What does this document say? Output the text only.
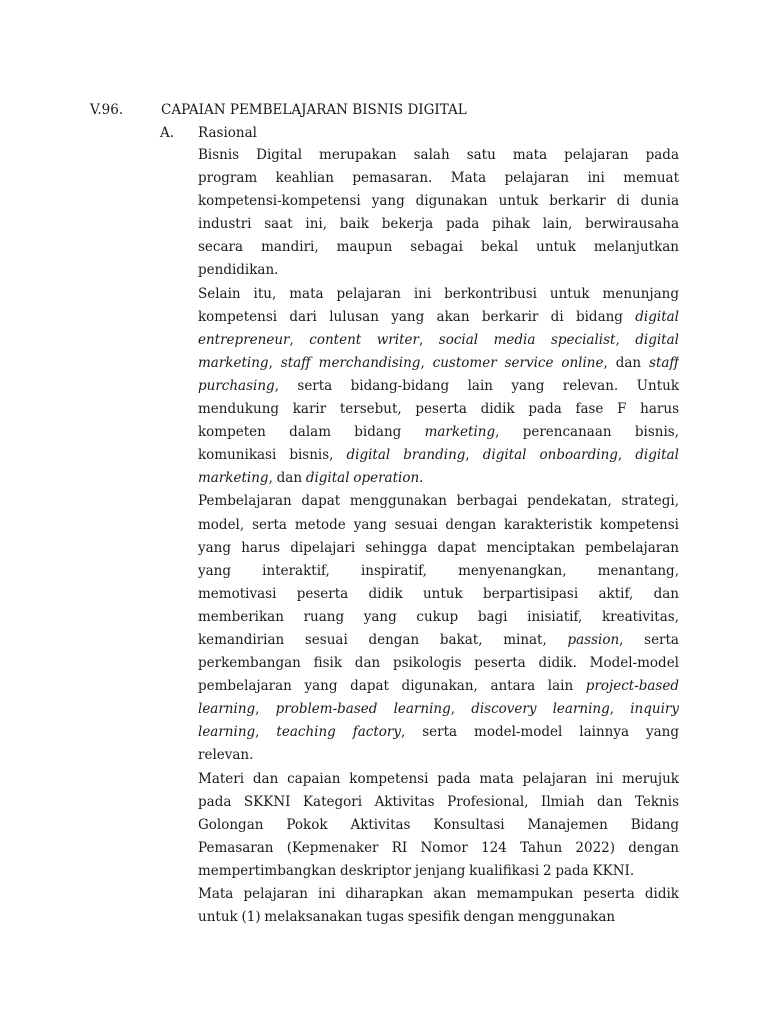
V.96.	CAPAIAN PEMBELAJARAN BISNIS DIGITAL
A. Rasional
Bisnis Digital merupakan salah satu mata pelajaran pada
program keahlian pemasaran. Mata pelajaran ini memuat
kompetensi-kompetensi yang digunakan untuk berkarir di dunia
industri saat ini, baik bekerja pada pihak lain, berwirausaha
secara mandiri, maupun sebagai bekal untuk melanjutkan
pendidikan.
Selain itu, mata pelajaran ini berkontribusi untuk menunjang
kompetensi dari lulusan yang akan berkarir di bidang digital
entrepreneur, content writer, social media specialist, digital
marketing, staff merchandising, customer service online, dan staff
purchasing, serta bidang-bidang lain yang relevan. Untuk
mendukung karir tersebut, peserta didik pada fase F harus
kompeten dalam bidang marketing, perencanaan bisnis,
komunikasi bisnis, digital branding, digital onboarding, digital
marketing, dan digital operation.
Pembelajaran dapat menggunakan berbagai pendekatan, strategi,
model, serta metode yang sesuai dengan karakteristik kompetensi
yang harus dipelajari sehingga dapat menciptakan pembelajaran
yang interaktif, inspiratif, menyenangkan, menantang,
memotivasi peserta didik untuk berpartisipasi aktif, dan
memberikan ruang yang cukup bagi inisiatif, kreativitas,
kemandirian sesuai dengan bakat, minat, passion, serta
perkembangan fisik dan psikologis peserta didik. Model-model
pembelajaran yang dapat digunakan, antara lain project-based
learning, problem-based learning, discovery learning, inquiry
learning, teaching factory, serta model-model lainnya yang
relevan.
Materi dan capaian kompetensi pada mata pelajaran ini merujuk
pada SKKNI Kategori Aktivitas Profesional, Ilmiah dan Teknis
Golongan Pokok Aktivitas Konsultasi Manajemen Bidang
Pemasaran (Kepmenaker RI Nomor 124 Tahun 2022) dengan
mempertimbangkan deskriptor jenjang kualifikasi 2 pada KKNI.
Mata pelajaran ini diharapkan akan memampukan peserta didik
untuk (1) melaksanakan tugas spesifik dengan menggunakan
